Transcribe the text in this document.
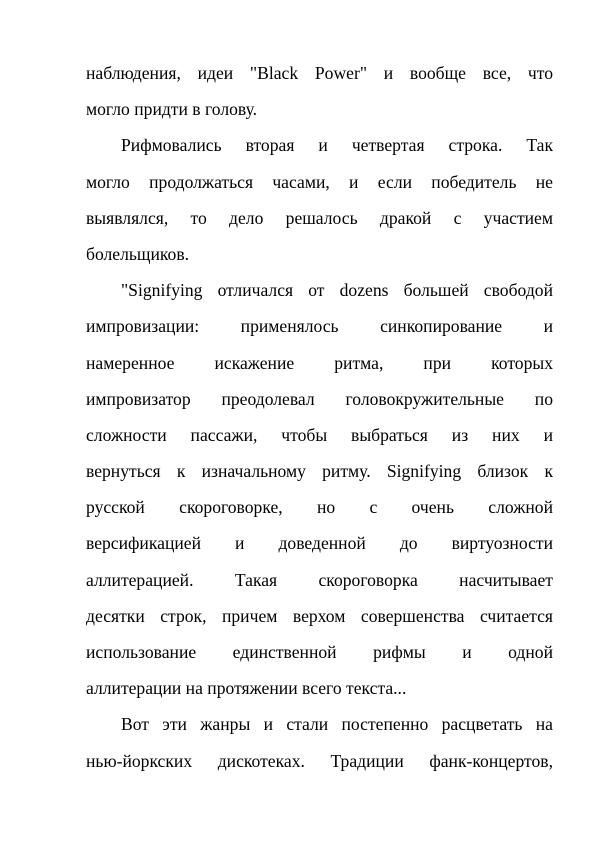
наблюдения, идеи "Black Power" и вообще все, что
могло придти в голову.
Рифмовались вторая и четвертая строка. Так
могло продолжаться часами, и если победитель не
выявлялся, то дело решалось дракой с участием
болельщиков.
"Signifying отличался от dozens большей свободой
импровизации: применялось синкопирование и
намеренное искажение ритма, при которых
импровизатор преодолевал головокружительные по
сложности пассажи, чтобы выбраться из них и
вернуться к изначальному ритму. Signifying близок к
русской скороговорке, но с очень сложной
версификацией и доведенной до виртуозности
аллитерацией. Такая скороговорка насчитывает
десятки строк, причем верхом совершенства считается
использование единственной рифмы и одной
аллитерации на протяжении всего текста...
Вот эти жанры и стали постепенно расцветать на
нью-йоркских дискотеках. Традиции фанк-концертов,
